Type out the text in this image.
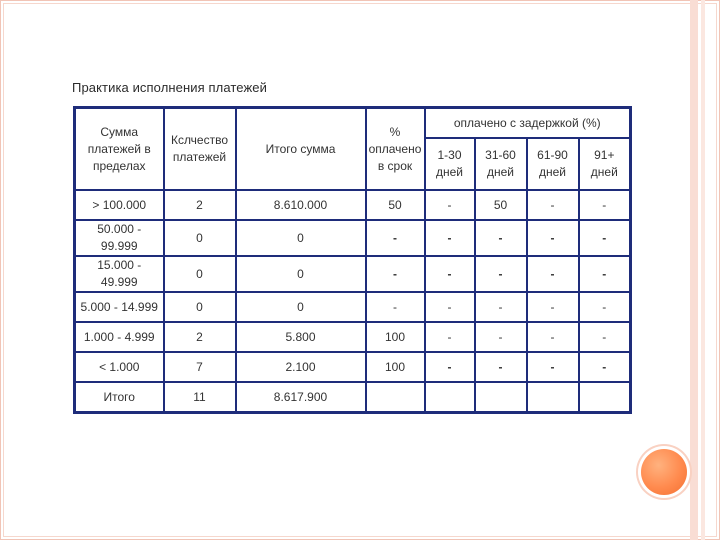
Практика исполнения платежей
Сумма платежей в пределах	Кслчество платежей	Итого сумма	% оплачено в срок	оплачено с задержкой (%)			
				1-30 дней	31-60 дней	61-90 дней	91+ дней
> 100.000	2	8.610.000	50	-	50	-	-
50.000 - 99.999	0	0	-	-	-	-	-
15.000 - 49.999	0	0	-	-	-	-	-
5.000 - 14.999	0	0	-	-	-	-	-
1.000 - 4.999	2	5.800	100	-	-	-	-
< 1.000	7	2.100	100	-	-	-	-
Итого	11	8.617.900					
